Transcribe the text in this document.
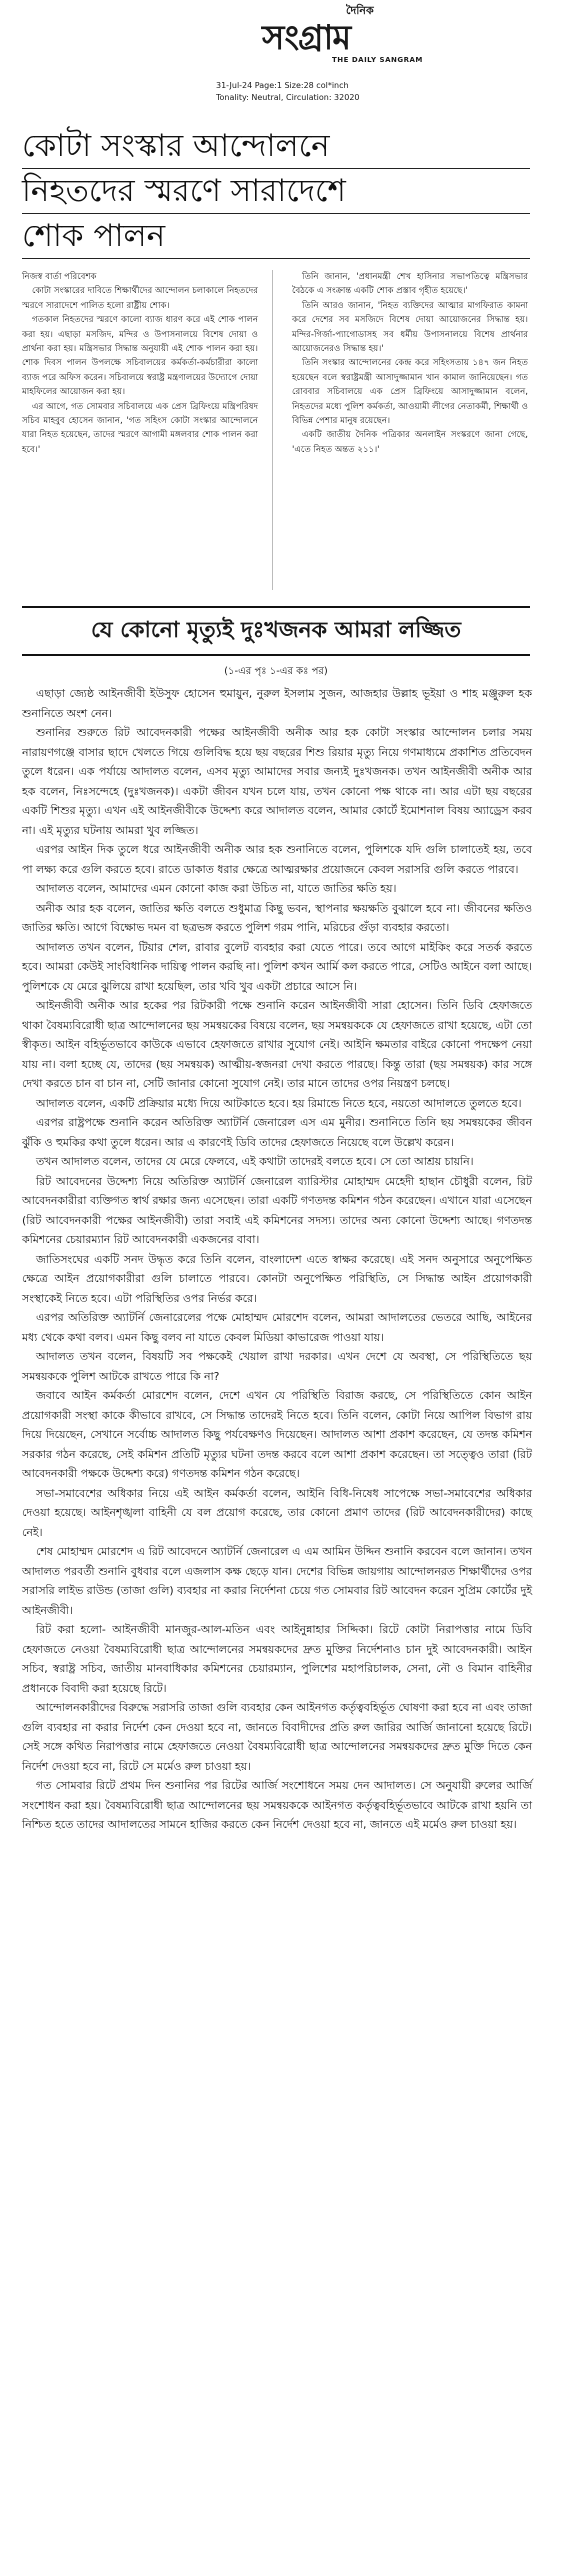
দৈনিক
সংগ্রাম
THE DAILY SANGRAM
31-Jul-24 Page:1 Size:28 col*inch
Tonality: Neutral, Circulation: 32020
কোটা সংস্কার আন্দোলনে
নিহতদের স্মরণে সারাদেশে
শোক পালন

নিজস্ব বার্তা পরিবেশক

কোটা সংস্কারের দাবিতে শিক্ষার্থীদের আন্দোলন চলাকালে নিহতদের স্মরণে সারাদেশে পালিত হলো রাষ্ট্রীয় শোক।

গতকাল নিহতদের স্মরণে কালো ব্যাজ ধারণ করে এই শোক পালন করা হয়। এছাড়া মসজিদ, মন্দির ও উপাসনালয়ে বিশেষ দোয়া ও প্রার্থনা করা হয়। মন্ত্রিসভার সিদ্ধান্ত অনুযায়ী এই শোক পালন করা হয়। শোক দিবস পালন উপলক্ষে সচিবালয়ের কর্মকর্তা-কর্মচারীরা কালো ব্যাজ পরে অফিস করেন। সচিবালয়ে স্বরাষ্ট্র মন্ত্রণালয়ের উদ্যোগে দোয়া মাহফিলের আয়োজন করা হয়।

এর আগে, গত সোমবার সচিবালয়ে এক প্রেস ব্রিফিংয়ে মন্ত্রিপরিষদ সচিব মাহবুব হোসেন জানান, 'গত সহিংস কোটা সংস্কার আন্দোলনে যারা নিহত হয়েছেন, তাদের স্মরণে আগামী মঙ্গলবার শোক পালন করা হবে।'

তিনি জানান, 'প্রধানমন্ত্রী শেখ হাসিনার সভাপতিত্বে মন্ত্রিসভার বৈঠকে এ সংক্রান্ত একটি শোক প্রস্তাব গৃহীত হয়েছে।'

তিনি আরও জানান, 'নিহত ব্যক্তিদের আত্মার মাগফিরাত কামনা করে দেশের সব মসজিদে বিশেষ দোয়া আয়োজনের সিদ্ধান্ত হয়। মন্দির-গির্জা-প্যাগোডাসহ সব ধর্মীয় উপাসনালয়ে বিশেষ প্রার্থনার আয়োজনেরও সিদ্ধান্ত হয়।'

তিনি সংস্কার আন্দোলনের কেন্দ্র করে সহিংসতায় ১৪৭ জন নিহত হয়েছেন বলে স্বরাষ্ট্রমন্ত্রী আসাদুজ্জামান খান কামাল জানিয়েছেন। গত রোববার সচিবালয়ে এক প্রেস ব্রিফিংয়ে আসাদুজ্জামান বলেন, নিহতদের মধ্যে পুলিশ কর্মকর্তা, আওয়ামী লীগের নেতাকর্মী, শিক্ষার্থী ও বিভিন্ন পেশার মানুষ রয়েছেন।

একটি জাতীয় দৈনিক পত্রিকার অনলাইন সংস্করণে জানা গেছে, 'এতে নিহত অন্তত ২১১।'

যে কোনো মৃত্যুই দুঃখজনক আমরা লজ্জিত
(১-এর পৃঃ ১-এর কঃ পর)

এছাড়া জ্যেষ্ঠ আইনজীবী ইউসুফ হোসেন হুমায়ুন, নুরুল ইসলাম সুজন, আজহার উল্লাহ ভূইয়া ও শাহ মঞ্জুরুল হক শুনানিতে অংশ নেন।

শুনানির শুরুতে রিট আবেদনকারী পক্ষের আইনজীবী অনীক আর হক কোটা সংস্কার আন্দোলন চলার সময় নারায়ণগঞ্জে বাসার ছাদে খেলতে গিয়ে গুলিবিদ্ধ হয়ে ছয় বছরের শিশু রিয়ার মৃত্যু নিয়ে গণমাধ্যমে প্রকাশিত প্রতিবেদন তুলে ধরেন। এক পর্যায়ে আদালত বলেন, এসব মৃত্যু আমাদের সবার জন্যই দুঃখজনক। তখন আইনজীবী অনীক আর হক বলেন, নিঃসন্দেহে (দুঃখজনক)। একটা জীবন যখন চলে যায়, তখন কোনো পক্ষ থাকে না। আর এটা ছয় বছরের একটি শিশুর মৃত্যু। এখন এই আইনজীবীকে উদ্দেশ্য করে আদালত বলেন, আমার কোর্টে ইমোশনাল বিষয় অ্যাড্রেস করব না। এই মৃত্যুর ঘটনায় আমরা খুব লজ্জিত।

এরপর আইন দিক তুলে ধরে আইনজীবী অনীক আর হক শুনানিতে বলেন, পুলিশকে যদি গুলি চালাতেই হয়, তবে পা লক্ষ্য করে গুলি করতে হবে। রাতে ডাকাত ধরার ক্ষেত্রে আত্মরক্ষার প্রয়োজনে কেবল সরাসরি গুলি করতে পারবে।

আদালত বলেন, আমাদের এমন কোনো কাজ করা উচিত না, যাতে জাতির ক্ষতি হয়।

অনীক আর হক বলেন, জাতির ক্ষতি বলতে শুধুমাত্র কিছু ভবন, স্থাপনার ক্ষয়ক্ষতি বুঝালে হবে না। জীবনের ক্ষতিও জাতির ক্ষতি। আগে বিক্ষোভ দমন বা ছত্রভঙ্গ করতে পুলিশ গরম পানি, মরিচের গুঁড়া ব্যবহার করতো।

আদালত তখন বলেন, টিয়ার শেল, রাবার বুলেট ব্যবহার করা যেতে পারে। তবে আগে মাইকিং করে সতর্ক করতে হবে। আমরা কেউই সাংবিধানিক দায়িত্ব পালন করছি না। পুলিশ কখন আর্মি কল করতে পারে, সেটিও আইনে বলা আছে। পুলিশকে যে মেরে ঝুলিয়ে রাখা হয়েছিল, তার খবি খুব একটা প্রচারে আসে নি।

আইনজীবী অনীক আর হকের পর রিটকারী পক্ষে শুনানি করেন আইনজীবী সারা হোসেন। তিনি ডিবি হেফাজতে থাকা বৈষম্যবিরোধী ছাত্র আন্দোলনের ছয় সমন্বয়কের বিষয়ে বলেন, ছয় সমন্বয়ককে যে হেফাজতে রাখা হয়েছে, এটা তো স্বীকৃত। আইন বহির্ভূতভাবে কাউকে এভাবে হেফাজতে রাখার সুযোগ নেই। আইনি ক্ষমতার বাইরে কোনো পদক্ষেপ নেয়া যায় না। বলা হচ্ছে যে, তাদের (ছয় সমন্বয়ক) আত্মীয়-স্বজনরা দেখা করতে পারছে। কিন্তু তারা (ছয় সমন্বয়ক) কার সঙ্গে দেখা করতে চান বা চান না, সেটি জানার কোনো সুযোগ নেই। তার মানে তাদের ওপর নিয়ন্ত্রণ চলছে।

আদালত বলেন, একটি প্রক্রিয়ার মধ্যে দিয়ে আটকাতে হবে। হয় রিমান্ডে নিতে হবে, নয়তো আদালতে তুলতে হবে।

এরপর রাষ্ট্রপক্ষে শুনানি করেন অতিরিক্ত অ্যাটর্নি জেনারেল এস এম মুনীর। শুনানিতে তিনি ছয় সমন্বয়কের জীবন ঝুঁকি ও হুমকির কথা তুলে ধরেন। আর এ কারণেই ডিবি তাদের হেফাজতে নিয়েছে বলে উল্লেখ করেন।

তখন আদালত বলেন, তাদের যে মেরে ফেলবে, এই কথাটা তাদেরই বলতে হবে। সে তো আশ্রয় চায়নি।

রিট আবেদনের উদ্দেশ্য নিয়ে অতিরিক্ত অ্যাটর্নি জেনারেল ব্যারিস্টার মোহাম্মদ মেহেদী হাছান চৌধুরী বলেন, রিট আবেদনকারীরা ব্যক্তিগত স্বার্থ রক্ষার জন্য এসেছেন। তারা একটি গণতদন্ত কমিশন গঠন করেছেন। এখানে যারা এসেছেন (রিট আবেদনকারী পক্ষের আইনজীবী) তারা সবাই এই কমিশনের সদস্য। তাদের অন্য কোনো উদ্দেশ্য আছে। গণতদন্ত কমিশনের চেয়ারম্যান রিট আবেদনকারী একজনের বাবা।

জাতিসংঘের একটি সনদ উদ্ধৃত করে তিনি বলেন, বাংলাদেশ এতে স্বাক্ষর করেছে। এই সনদ অনুসারে অনুপেক্ষিত ক্ষেত্রে আইন প্রয়োগকারীরা গুলি চালাতে পারবে। কোনটা অনুপেক্ষিত পরিস্থিতি, সে সিদ্ধান্ত আইন প্রয়োগকারী সংস্থাকেই নিতে হবে। এটা পরিস্থিতির ওপর নির্ভর করে।

এরপর অতিরিক্ত অ্যাটর্নি জেনারেলের পক্ষে মোহাম্মদ মোরশেদ বলেন, আমরা আদালতের ভেতরে আছি, আইনের মধ্য থেকে কথা বলব। এমন কিছু বলব না যাতে কেবল মিডিয়া কাভারেজ পাওয়া যায়।

আদালত তখন বলেন, বিষয়টি সব পক্ষকেই খেয়াল রাখা দরকার। এখন দেশে যে অবস্থা, সে পরিস্থিতিতে ছয় সমন্বয়ককে পুলিশ আটকে রাখতে পারে কি না?

জবাবে আইন কর্মকর্তা মোরশেদ বলেন, দেশে এখন যে পরিস্থিতি বিরাজ করছে, সে পরিস্থিতিতে কোন আইন প্রয়োগকারী সংস্থা কাকে কীভাবে রাখবে, সে সিদ্ধান্ত তাদেরই নিতে হবে। তিনি বলেন, কোটা নিয়ে আপিল বিভাগ রায় দিয়ে দিয়েছেন, সেখানে সর্বোচ্চ আদালত কিছু পর্যবেক্ষণও দিয়েছেন। আদালত আশা প্রকাশ করেছেন, যে তদন্ত কমিশন সরকার গঠন করেছে, সেই কমিশন প্রতিটি মৃত্যুর ঘটনা তদন্ত করবে বলে আশা প্রকাশ করেছেন। তা সত্ত্বেও তারা (রিট আবেদনকারী পক্ষকে উদ্দেশ্য করে) গণতদন্ত কমিশন গঠন করেছে।

সভা-সমাবেশের অধিকার নিয়ে এই আইন কর্মকর্তা বলেন, আইনি বিধি-নিষেধ সাপেক্ষে সভা-সমাবেশের অধিকার দেওয়া হয়েছে। আইনশৃঙ্খলা বাহিনী যে বল প্রয়োগ করেছে, তার কোনো প্রমাণ তাদের (রিট আবেদনকারীদের) কাছে নেই।

শেষ মোহাম্মদ মোরশেদ এ রিট আবেদনে অ্যাটর্নি জেনারেল এ এম আমিন উদ্দিন শুনানি করবেন বলে জানান। তখন আদালত পরবর্তী শুনানি বুধবার বলে এজলাস কক্ষ ছেড়ে যান। দেশের বিভিন্ন জায়গায় আন্দোলনরত শিক্ষার্থীদের ওপর সরাসরি লাইভ রাউন্ড (তাজা গুলি) ব্যবহার না করার নির্দেশনা চেয়ে গত সোমবার রিট আবেদন করেন সুপ্রিম কোর্টের দুই আইনজীবী।

রিট করা হলো- আইনজীবী মানজুর-আল-মতিন এবং আইনুন্নাহার সিদ্দিকা। রিটে কোটা নিরাপত্তার নামে ডিবি হেফাজতে নেওয়া বৈষম্যবিরোধী ছাত্র আন্দোলনের সমন্বয়কদের দ্রুত মুক্তির নির্দেশনাও চান দুই আবেদনকারী। আইন সচিব, স্বরাষ্ট্র সচিব, জাতীয় মানবাধিকার কমিশনের চেয়ারম্যান, পুলিশের মহাপরিচালক, সেনা, নৌ ও বিমান বাহিনীর প্রধানকে বিবাদী করা হয়েছে রিটে।

আন্দোলনকারীদের বিরুদ্ধে সরাসরি তাজা গুলি ব্যবহার কেন আইনগত কর্তৃত্ববহির্ভূত ঘোষণা করা হবে না এবং তাজা গুলি ব্যবহার না করার নির্দেশ কেন দেওয়া হবে না, জানতে বিবাদীদের প্রতি রুল জারির আর্জি জানানো হয়েছে রিটে। সেই সঙ্গে কথিত নিরাপত্তার নামে হেফাজতে নেওয়া বৈষম্যবিরোধী ছাত্র আন্দোলনের সমন্বয়কদের দ্রুত মুক্তি দিতে কেন নির্দেশ দেওয়া হবে না, রিটে সে মর্মেও রুল চাওয়া হয়।

গত সোমবার রিটে প্রথম দিন শুনানির পর রিটের আর্জি সংশোধনে সময় দেন আদালত। সে অনুযায়ী রুলের আর্জি সংশোধন করা হয়। বৈষম্যবিরোধী ছাত্র আন্দোলনের ছয় সমন্বয়ককে আইনগত কর্তৃত্ববহির্ভূতভাবে আটকে রাখা হয়নি তা নিশ্চিত হতে তাদের আদালতের সামনে হাজির করতে কেন নির্দেশ দেওয়া হবে না, জানতে এই মর্মেও রুল চাওয়া হয়।
